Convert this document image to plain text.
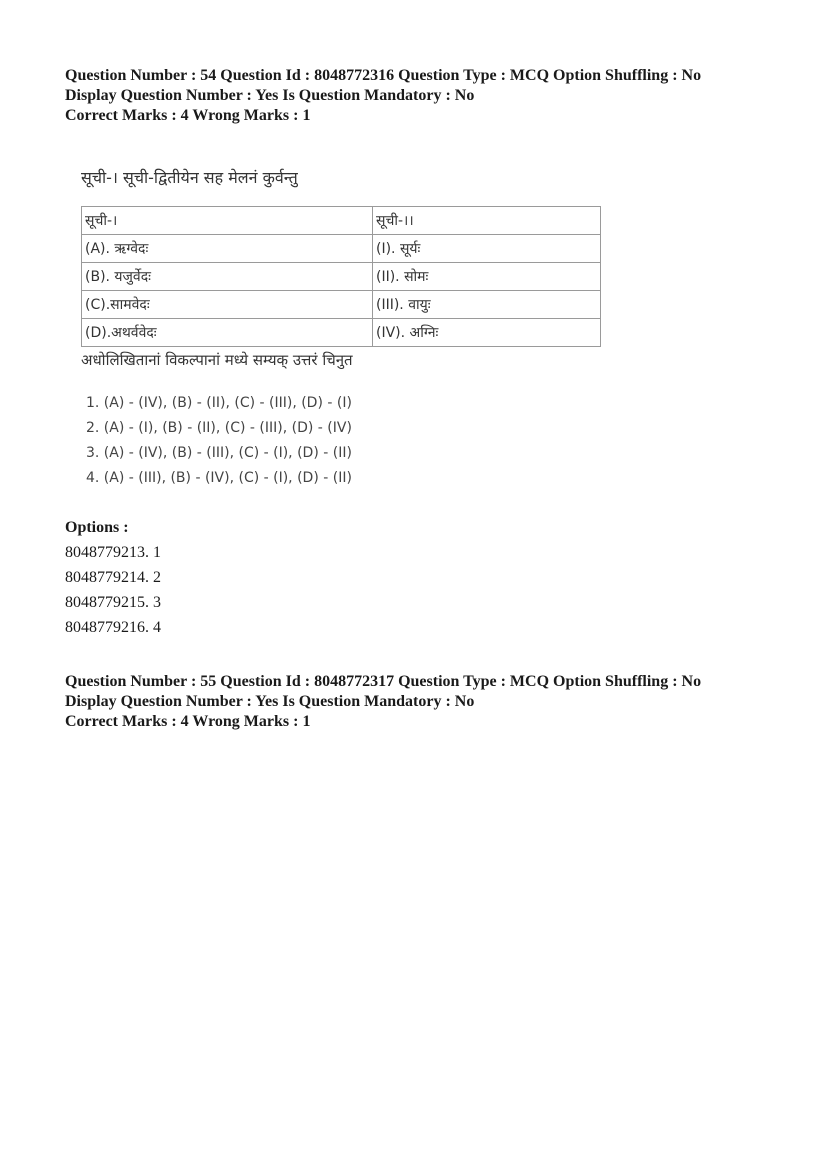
Question Number : 54 Question Id : 8048772316 Question Type : MCQ Option Shuffling : No
Display Question Number : Yes Is Question Mandatory : No
Correct Marks : 4 Wrong Marks : 1
सूची-। सूची-द्वितीयेन सह मेलनं कुर्वन्तु
सूची-।	सूची-।।
(A). ऋग्वेदः	(I). सूर्यः
(B). यजुर्वेदः	(II). सोमः
(C).सामवेदः	(III). वायुः
(D).अथर्ववेदः	(IV). अग्निः
अधोलिखितानां विकल्पानां मध्ये सम्यक् उत्तरं चिनुत
1. (A) - (IV), (B) - (II), (C) - (III), (D) - (I)
2. (A) - (I), (B) - (II), (C) - (III), (D) - (IV)
3. (A) - (IV), (B) - (III), (C) - (I), (D) - (II)
4. (A) - (III), (B) - (IV), (C) - (I), (D) - (II)
Options :
8048779213. 1
8048779214. 2
8048779215. 3
8048779216. 4
Question Number : 55 Question Id : 8048772317 Question Type : MCQ Option Shuffling : No
Display Question Number : Yes Is Question Mandatory : No
Correct Marks : 4 Wrong Marks : 1
